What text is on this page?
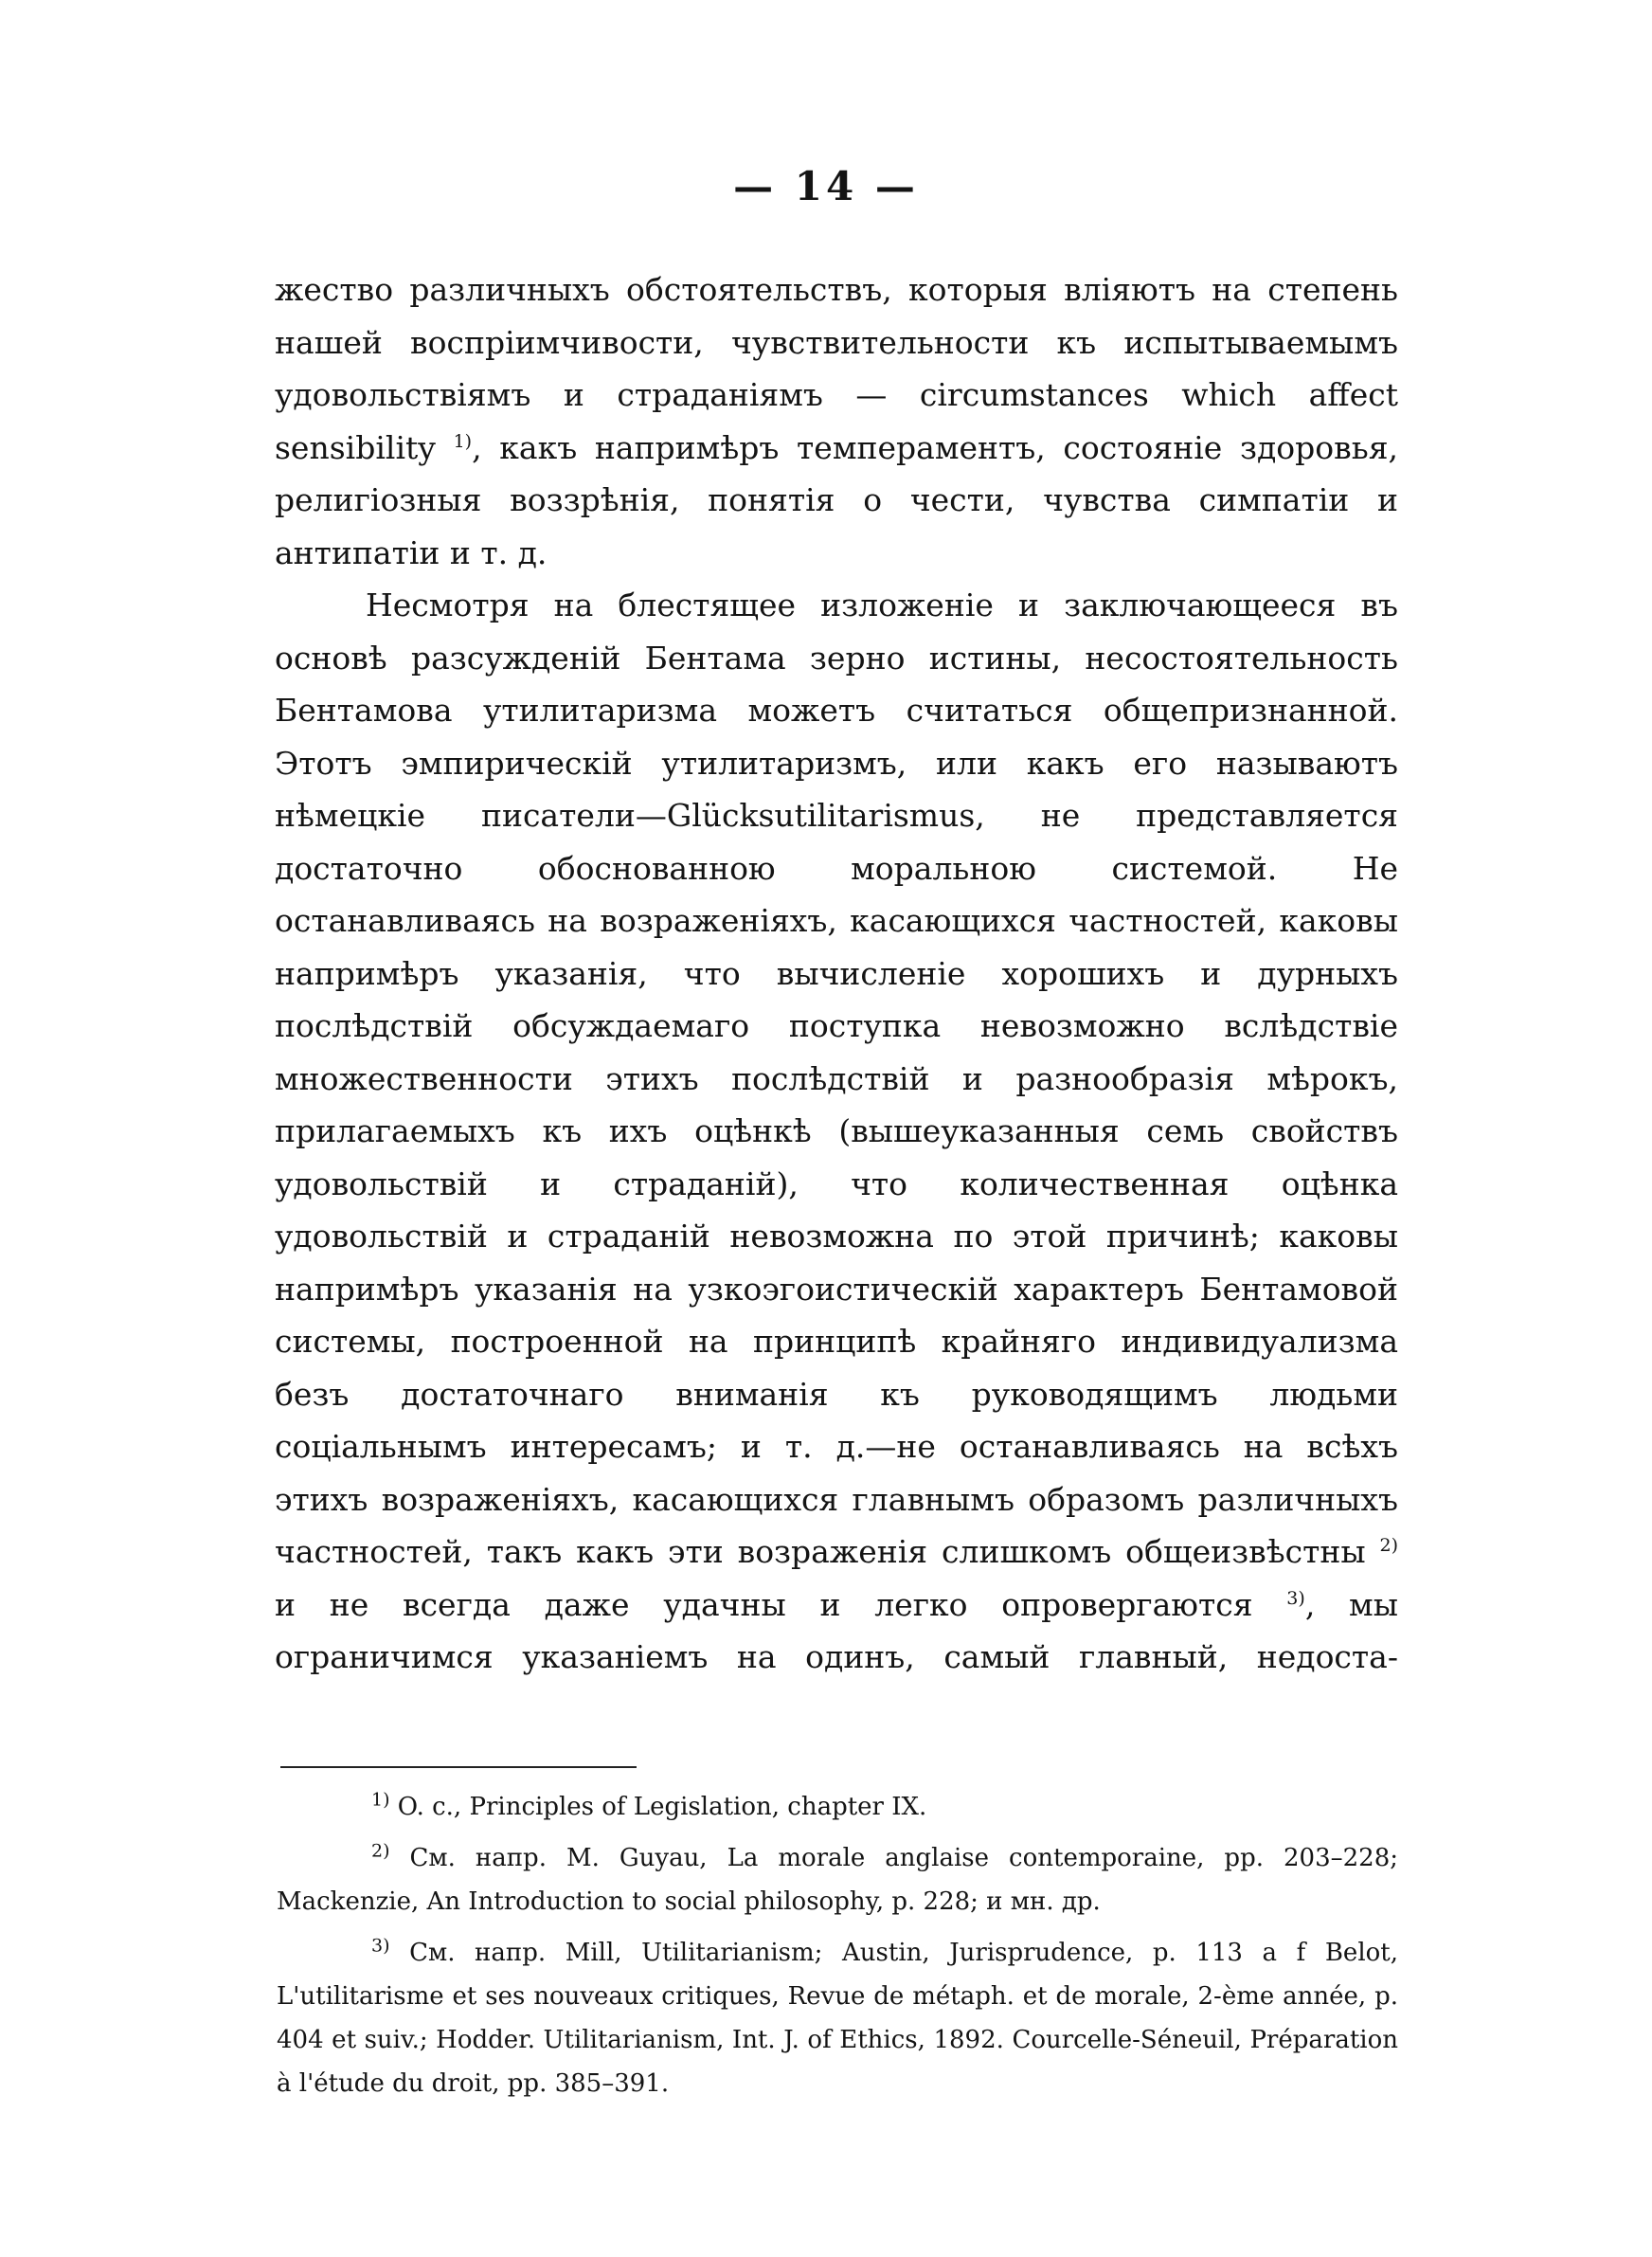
— 14 —

жество различныхъ обстоятельствъ, которыя вліяютъ на степень нашей воспріимчивости, чувствительности къ испытываемымъ удовольствіямъ и страданіямъ — circumstances which affect sensibility $^{1)}$, какъ напримѣръ темпераментъ, состояніе здоровья, религіозныя воззрѣнія, понятія о чести, чувства симпатіи и антипатіи и т. д.

Несмотря на блестящее изложеніе и заключающееся въ основѣ разсужденій Бентама зерно истины, несостоятельность Бентамова утилитаризма можетъ считаться общепризнанной. Этотъ эмпирическій утилитаризмъ, или какъ его называютъ нѣмецкіе писатели—Glücksutilitarismus, не представляется достаточно обоснованною моральною системой. Не останавливаясь на возраженіяхъ, касающихся частностей, каковы напримѣръ указанія, что вычисленіе хорошихъ и дурныхъ послѣдствій обсуждаемаго поступка невозможно вслѣдствіе множественности этихъ послѣдствій и разнообразія мѣрокъ, прилагаемыхъ къ ихъ оцѣнкѣ (вышеуказанныя семь свойствъ удовольствій и страданій), что количественная оцѣнка удовольствій и страданій невозможна по этой причинѣ; каковы напримѣръ указанія на узкоэгоистическій характеръ Бентамовой системы, построенной на принципѣ крайняго индивидуализма безъ достаточнаго вниманія къ руководящимъ людьми соціальнымъ интересамъ; и т. д.—не останавливаясь на всѣхъ этихъ возраженіяхъ, касающихся главнымъ образомъ различныхъ частностей, такъ какъ эти возраженія слишкомъ общеизвѣстны $^{2)}$ и не всегда даже удачны и легко опровергаются $^{3)}$, мы ограничимся указаніемъ на одинъ, самый главный, недоста-

$^{1)}$ O. c., Principles of Legislation, chapter IX.

$^{2)}$ См. напр. M. Guyau, La morale anglaise contemporaine, pp. 203–228; Mackenzie, An Introduction to social philosophy, p. 228; и мн. др.

$^{3)}$ См. напр. Mill, Utilitarianism; Austin, Jurisprudence, p. 113 a f Belot, L'utilitarisme et ses nouveaux critiques, Revue de métaph. et de morale, 2-ème année, p. 404 et suiv.; Hodder. Utilitarianism, Int. J. of Ethics, 1892. Courcelle-Séneuil, Préparation à l'étude du droit, pp. 385–391.
